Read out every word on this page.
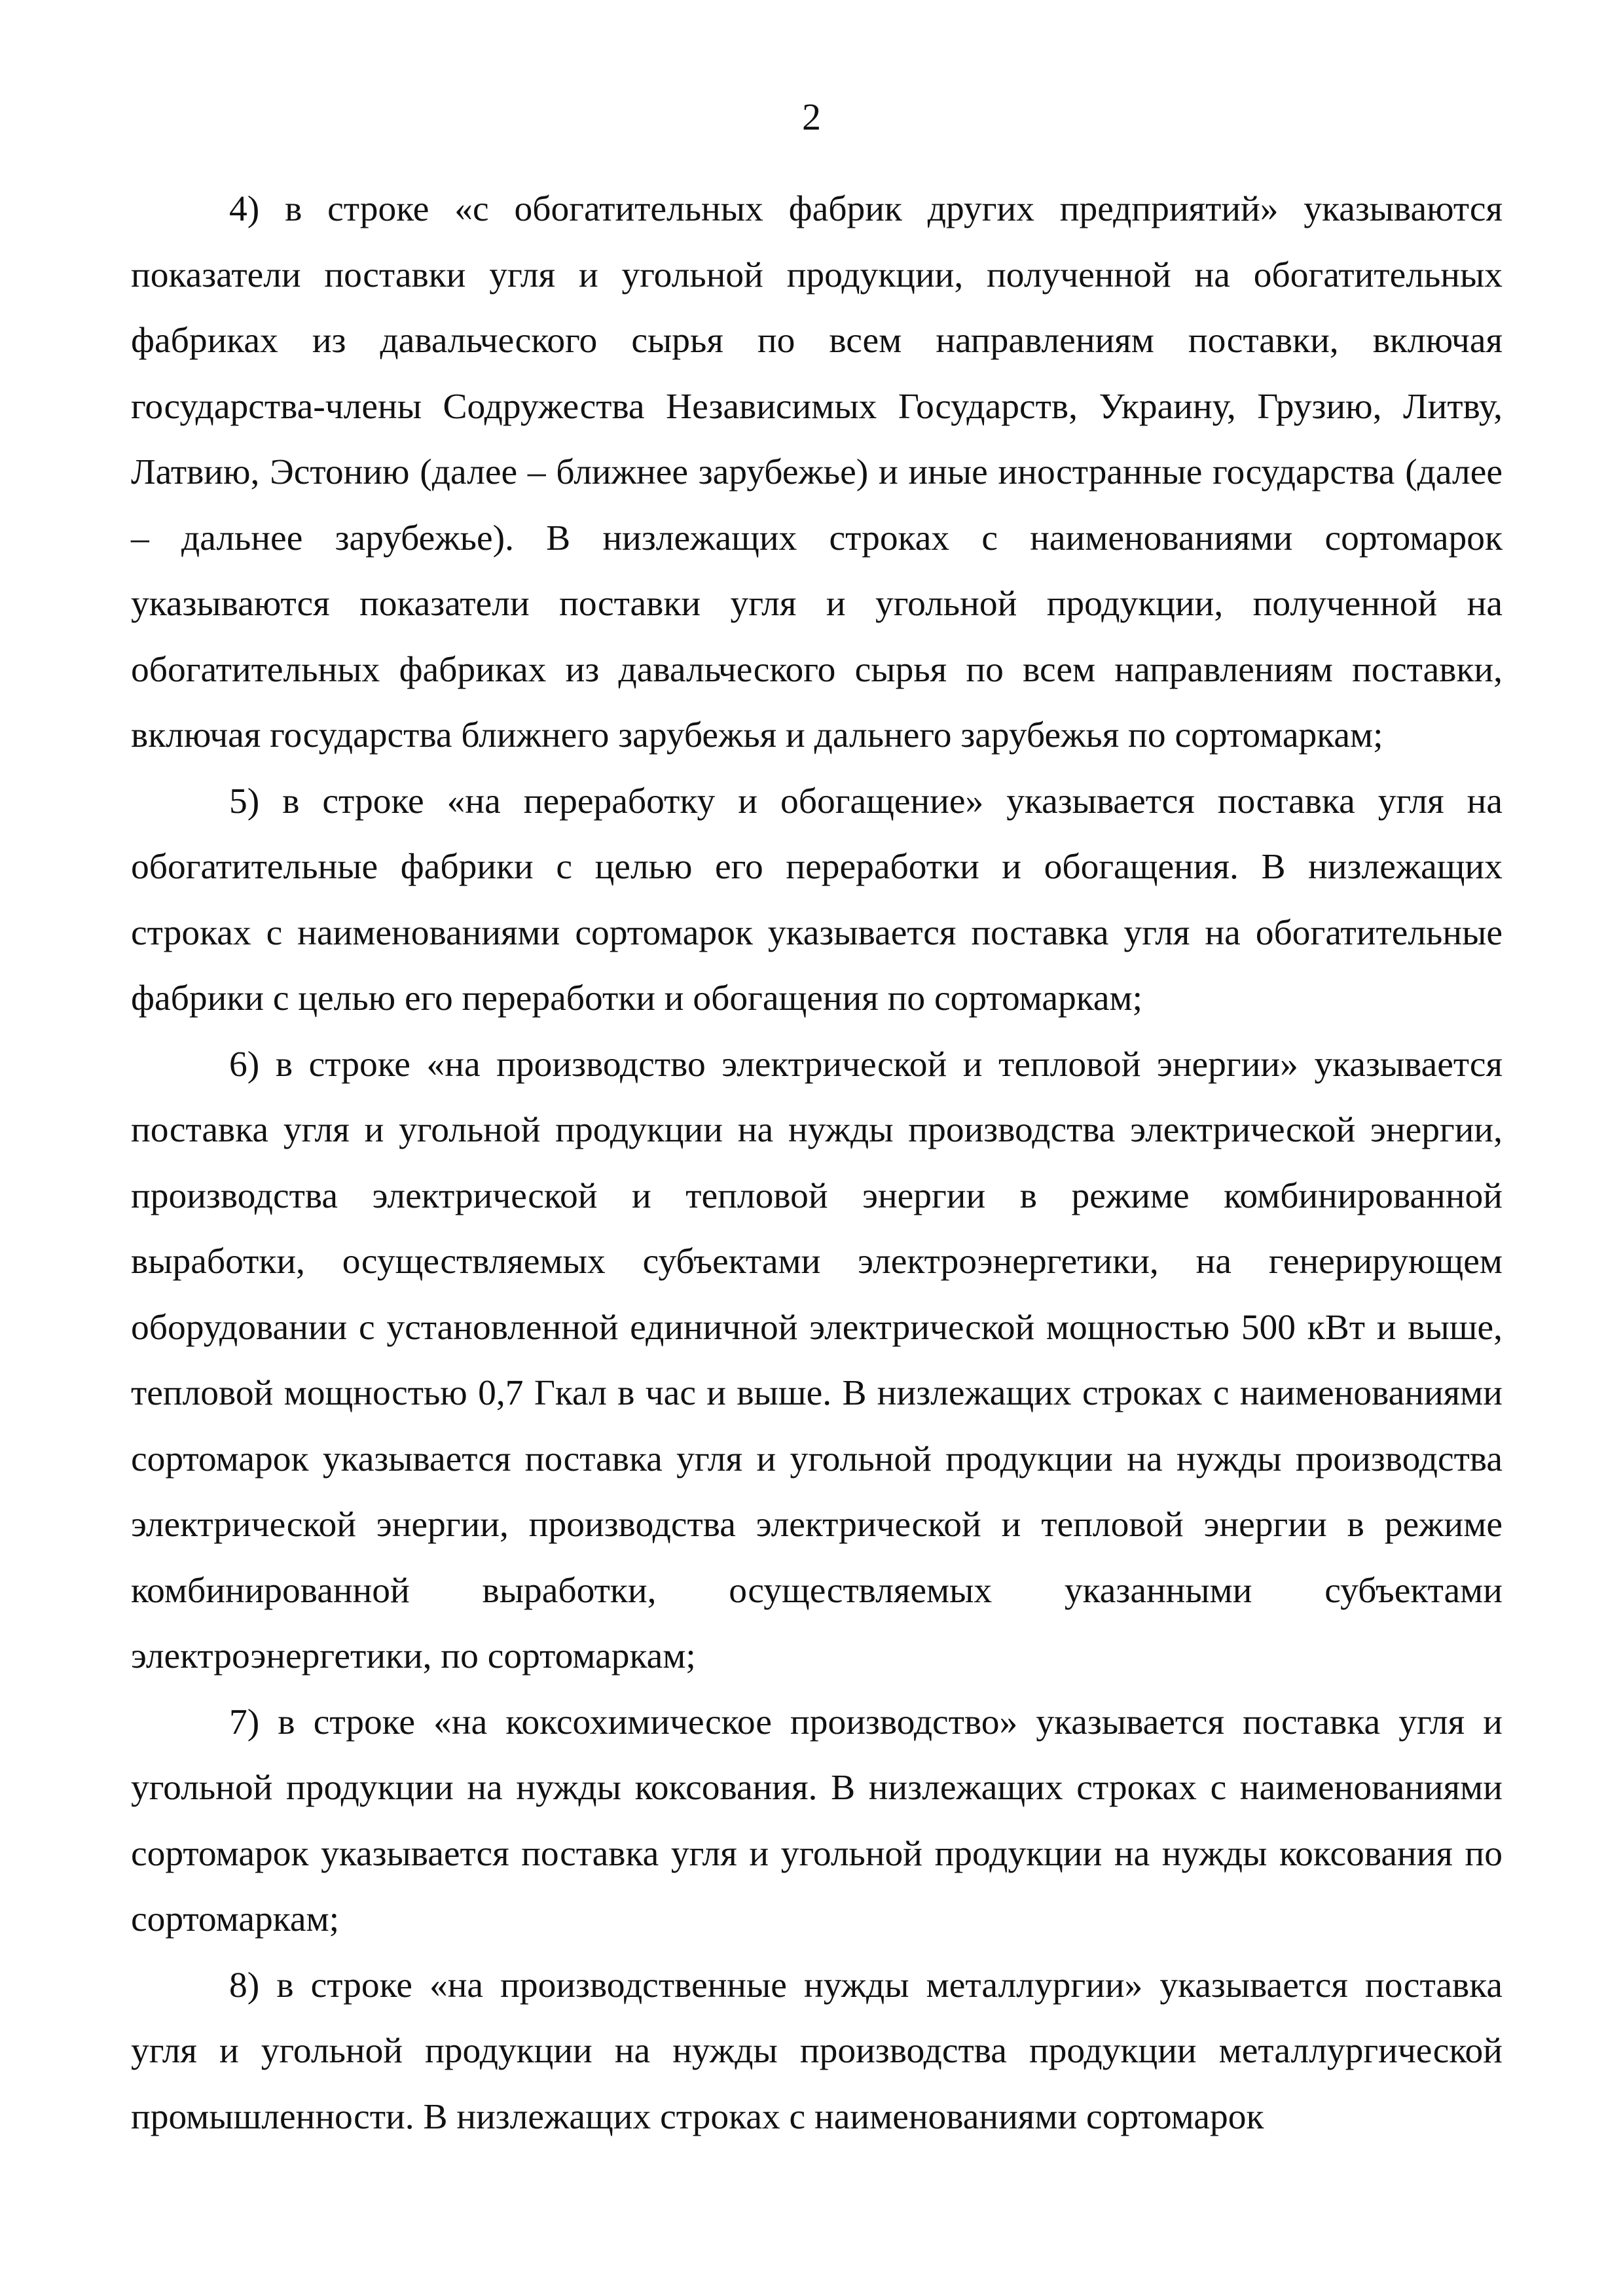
2

4) в строке «с обогатительных фабрик других предприятий» указываются показатели поставки угля и угольной продукции, полученной на обогатительных фабриках из давальческого сырья по всем направлениям поставки, включая государства-члены Содружества Независимых Государств, Украину, Грузию, Литву, Латвию, Эстонию (далее – ближнее зарубежье) и иные иностранные государства (далее – дальнее зарубежье). В низлежащих строках с наименованиями сортомарок указываются показатели поставки угля и угольной продукции, полученной на обогатительных фабриках из давальческого сырья по всем направлениям поставки, включая государства ближнего зарубежья и дальнего зарубежья по сортомаркам;

5) в строке «на переработку и обогащение» указывается поставка угля на обогатительные фабрики с целью его переработки и обогащения. В низлежащих строках с наименованиями сортомарок указывается поставка угля на обогатительные фабрики с целью его переработки и обогащения по сортомаркам;

6) в строке «на производство электрической и тепловой энергии» указывается поставка угля и угольной продукции на нужды производства электрической энергии, производства электрической и тепловой энергии в режиме комбинированной выработки, осуществляемых субъектами электроэнергетики, на генерирующем оборудовании с установленной единичной электрической мощностью 500 кВт и выше, тепловой мощностью 0,7 Гкал в час и выше. В низлежащих строках с наименованиями сортомарок указывается поставка угля и угольной продукции на нужды производства электрической энергии, производства электрической и тепловой энергии в режиме комбинированной выработки, осуществляемых указанными субъектами электроэнергетики, по сортомаркам;

7) в строке «на коксохимическое производство» указывается поставка угля и угольной продукции на нужды коксования. В низлежащих строках с наименованиями сортомарок указывается поставка угля и угольной продукции на нужды коксования по сортомаркам;

8) в строке «на производственные нужды металлургии» указывается поставка угля и угольной продукции на нужды производства продукции металлургической промышленности. В низлежащих строках с наименованиями сортомарок
